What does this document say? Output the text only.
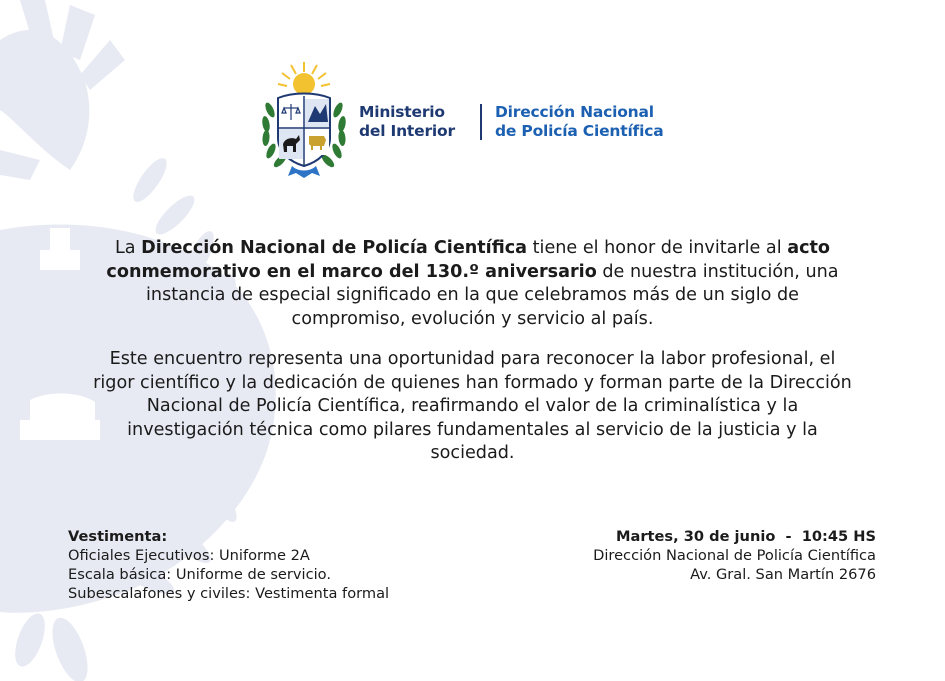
Ministerio
del Interior
Dirección Nacional
de Policía Científica

La Dirección Nacional de Policía Científica tiene el honor de invitarle al acto conmemorativo en el marco del 130.º aniversario de nuestra institución, una instancia de especial significado en la que celebramos más de un siglo de compromiso, evolución y servicio al país.

Este encuentro representa una oportunidad para reconocer la labor profesional, el rigor científico y la dedicación de quienes han formado y forman parte de la Dirección Nacional de Policía Científica, reafirmando el valor de la criminalística y la investigación técnica como pilares fundamentales al servicio de la justicia y la sociedad.

Vestimenta:
Oficiales Ejecutivos: Uniforme 2A
Escala básica: Uniforme de servicio.
Subescalafones y civiles: Vestimenta formal
Martes, 30 de junio  -  10:45 HS
Dirección Nacional de Policía Científica
Av. Gral. San Martín 2676
